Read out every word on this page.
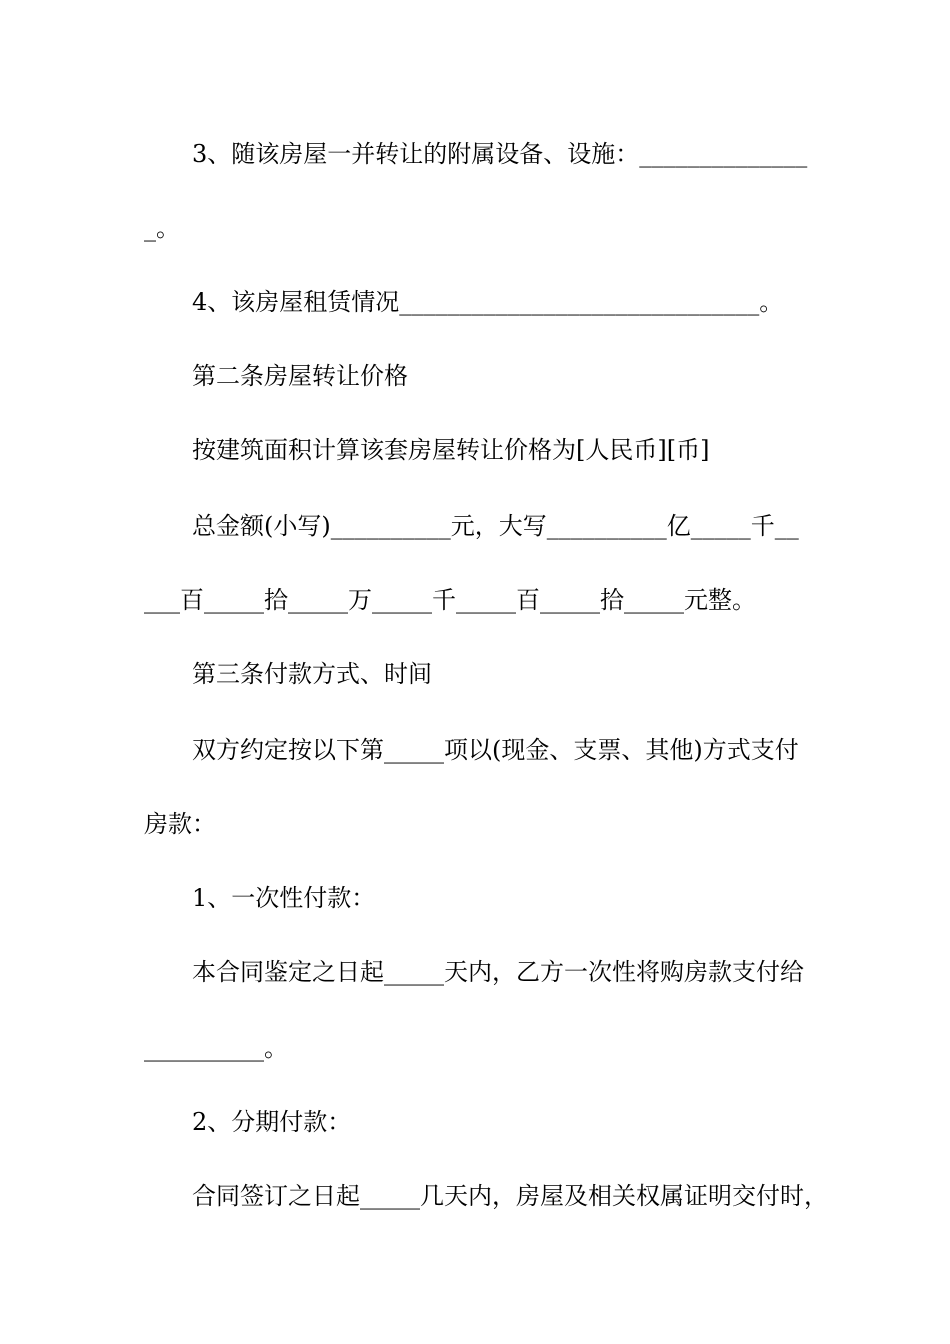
3、随该房屋一并转让的附属设备、设施：______________
_。
4、该房屋租赁情况______________________________。
第二条房屋转让价格
按建筑面积计算该套房屋转让价格为[人民币][币]
总金额(小写)__________元，大写__________亿_____千__
___百_____拾_____万_____千_____百_____拾_____元整。
第三条付款方式、时间
双方约定按以下第_____项以(现金、支票、其他)方式支付
房款：
1、一次性付款：
本合同鉴定之日起_____天内，乙方一次性将购房款支付给
__________。
2、分期付款：
合同签订之日起_____几天内，房屋及相关权属证明交付时，
